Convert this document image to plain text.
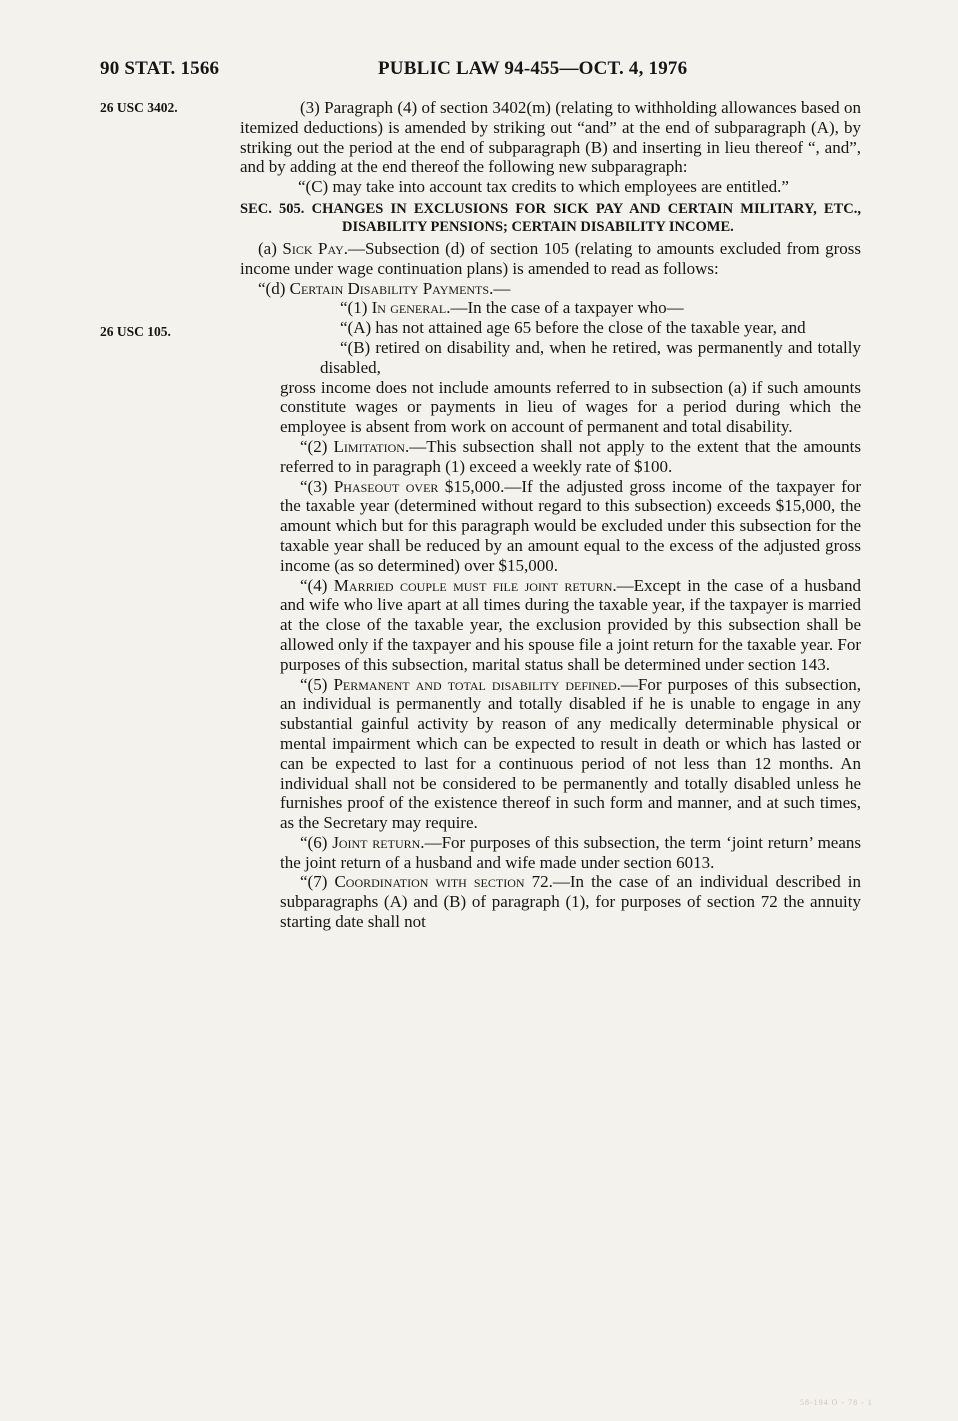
90 STAT. 1566	PUBLIC LAW 94-455—OCT. 4, 1976
26 USC 3402.
26 USC 105.

(3) Paragraph (4) of section 3402(m) (relating to withholding allowances based on itemized deductions) is amended by striking out “and” at the end of subparagraph (A), by striking out the period at the end of subparagraph (B) and inserting in lieu thereof “, and”, and by adding at the end thereof the following new subparagraph:

“(C) may take into account tax credits to which employees are entitled.”

SEC. 505. CHANGES IN EXCLUSIONS FOR SICK PAY AND CERTAIN MILITARY, ETC., DISABILITY PENSIONS; CERTAIN DISABILITY INCOME.

(a) Sick Pay.—Subsection (d) of section 105 (relating to amounts excluded from gross income under wage continuation plans) is amended to read as follows:

“(d) Certain Disability Payments.—

“(1) In general.—In the case of a taxpayer who—

“(A) has not attained age 65 before the close of the taxable year, and

“(B) retired on disability and, when he retired, was permanently and totally disabled,

gross income does not include amounts referred to in subsection (a) if such amounts constitute wages or payments in lieu of wages for a period during which the employee is absent from work on account of permanent and total disability.

“(2) Limitation.—This subsection shall not apply to the extent that the amounts referred to in paragraph (1) exceed a weekly rate of $100.

“(3) Phaseout over $15,000.—If the adjusted gross income of the taxpayer for the taxable year (determined without regard to this subsection) exceeds $15,000, the amount which but for this paragraph would be excluded under this subsection for the taxable year shall be reduced by an amount equal to the excess of the adjusted gross income (as so determined) over $15,000.

“(4) Married couple must file joint return.—Except in the case of a husband and wife who live apart at all times during the taxable year, if the taxpayer is married at the close of the taxable year, the exclusion provided by this subsection shall be allowed only if the taxpayer and his spouse file a joint return for the taxable year. For purposes of this subsection, marital status shall be determined under section 143.

“(5) Permanent and total disability defined.—For purposes of this subsection, an individual is permanently and totally disabled if he is unable to engage in any substantial gainful activity by reason of any medically determinable physical or mental impairment which can be expected to result in death or which has lasted or can be expected to last for a continuous period of not less than 12 months. An individual shall not be considered to be permanently and totally disabled unless he furnishes proof of the existence thereof in such form and manner, and at such times, as the Secretary may require.

“(6) Joint return.—For purposes of this subsection, the term ‘joint return’ means the joint return of a husband and wife made under section 6013.

“(7) Coordination with section 72.—In the case of an individual described in subparagraphs (A) and (B) of paragraph (1), for purposes of section 72 the annuity starting date shall not

58-194 O - 78 - 1
